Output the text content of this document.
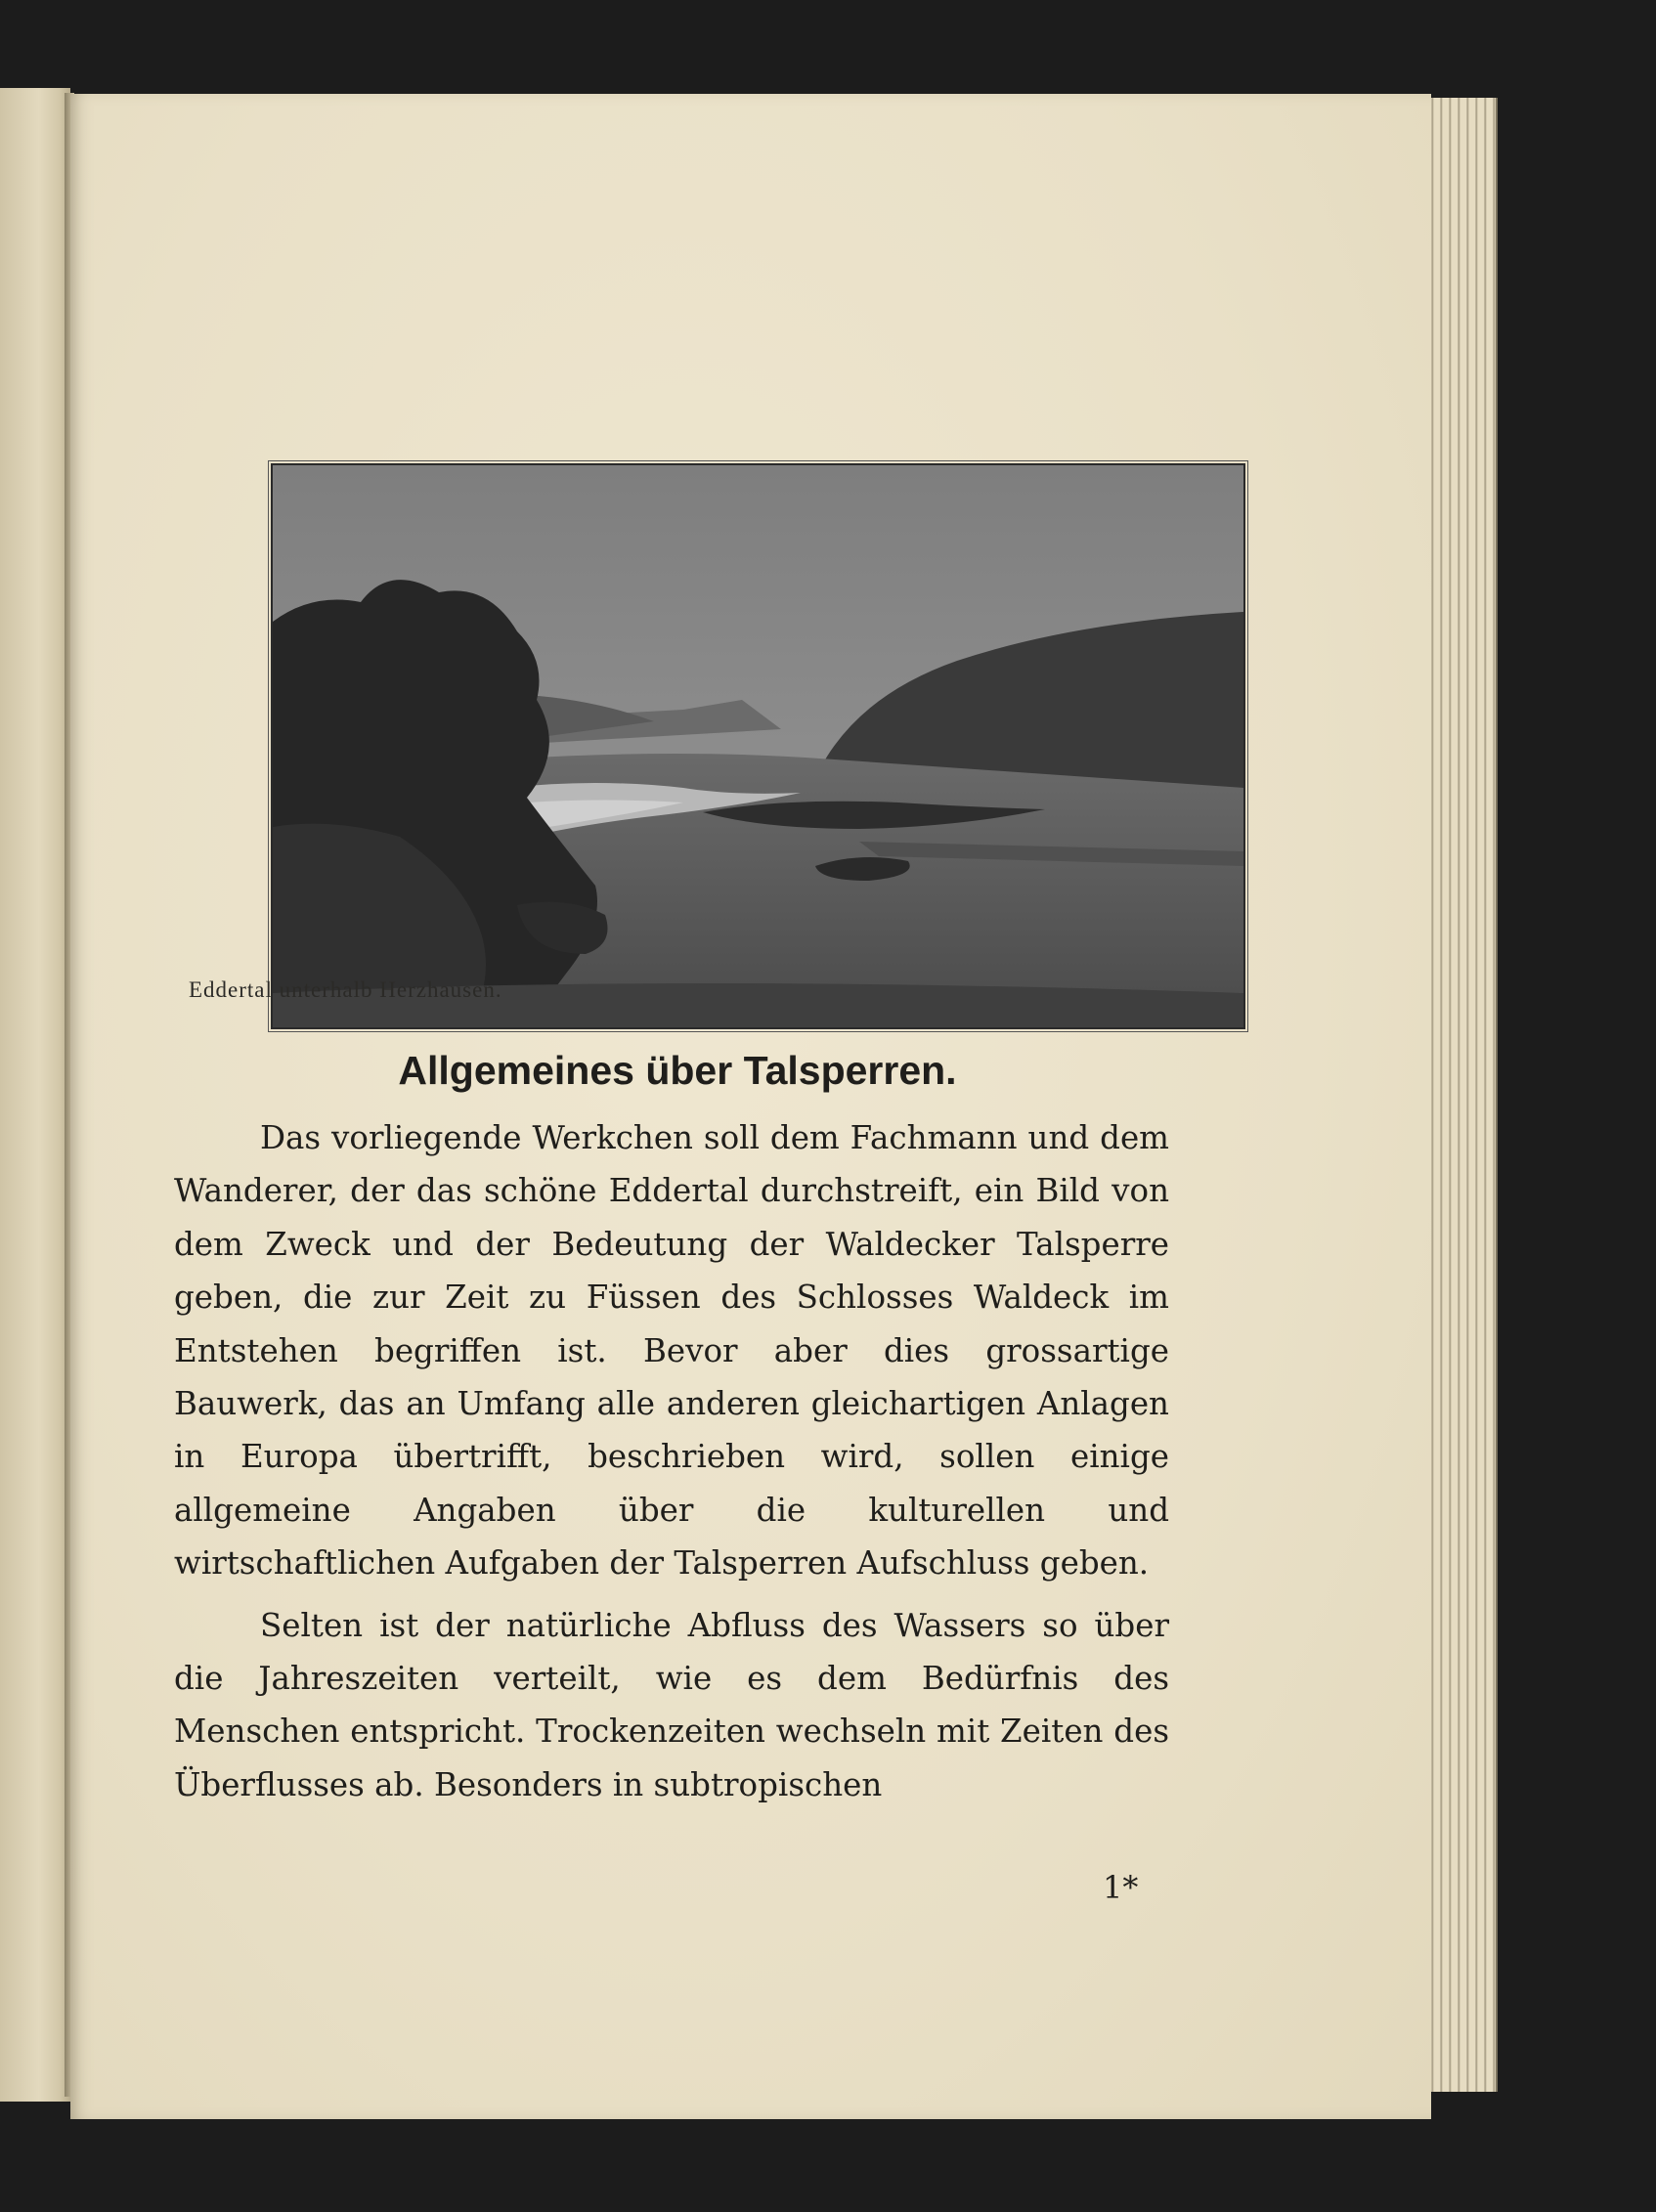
Eddertal unterhalb Herzhausen.
Allgemeines über Talsperren.

Das vorliegende Werkchen soll dem Fachmann und dem Wanderer, der das schöne Eddertal durchstreift, ein Bild von dem Zweck und der Bedeutung der Waldecker Talsperre geben, die zur Zeit zu Füssen des Schlosses Waldeck im Entstehen begriffen ist. Bevor aber dies grossartige Bauwerk, das an Umfang alle anderen gleichartigen Anlagen in Europa übertrifft, beschrieben wird, sollen einige allgemeine Angaben über die kulturellen und wirtschaftlichen Aufgaben der Talsperren Aufschluss geben.

Selten ist der natürliche Abfluss des Wassers so über die Jahreszeiten verteilt, wie es dem Bedürfnis des Menschen entspricht. Trockenzeiten wechseln mit Zeiten des Überflusses ab. Besonders in subtropischen

1*
